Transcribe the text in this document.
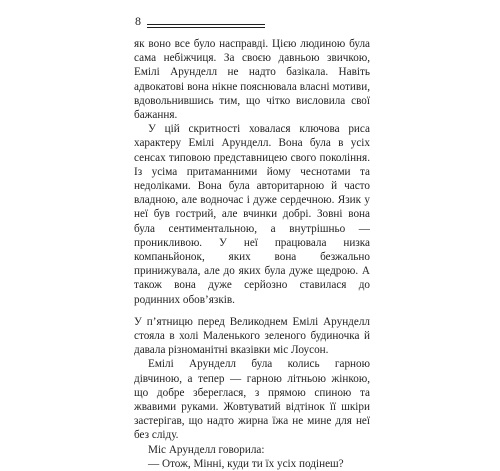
8

як воно все було насправді. Цією людиною була сама небіжчиця. За своєю давньою звичкою, Емілі Арунделл не надто базікала. Навіть адвокатові вона нікне пояснювала власні мотиви, вдовольнившись тим, що чітко висловила свої бажання.

У цій скритності ховалася ключова риса характеру Емілі Арунделл. Вона була в усіх сенсах типовою представницею свого покоління. Із усіма притаманними йому чеснотами та недоліками. Вона була авторитарною й часто владною, але водночас і дуже сердечною. Язик у неї був гострий, але вчинки добрі. Зовні вона була сентиментальною, а внутрішньо — проникливою. У неї працювала низка компаньйонок, яких вона безжально принижувала, але до яких була дуже щедрою. А також вона дуже серйозно ставилася до родинних обов’язків.

У п’ятницю перед Великоднем Емілі Арунделл стояла в холі Маленького зеленого будиночка й давала різноманітні вказівки міс Лоусон.

Емілі Арунделл була колись гарною дівчиною, а тепер — гарною літньою жінкою, що добре збереглася, з прямою спиною та жвавими руками. Жовтуватий відтінок її шкіри застерігав, що надто жирна їжа не мине для неї без сліду.

Міс Арунделл говорила:

— Отож, Мінні, куди ти їх усіх подінеш?
